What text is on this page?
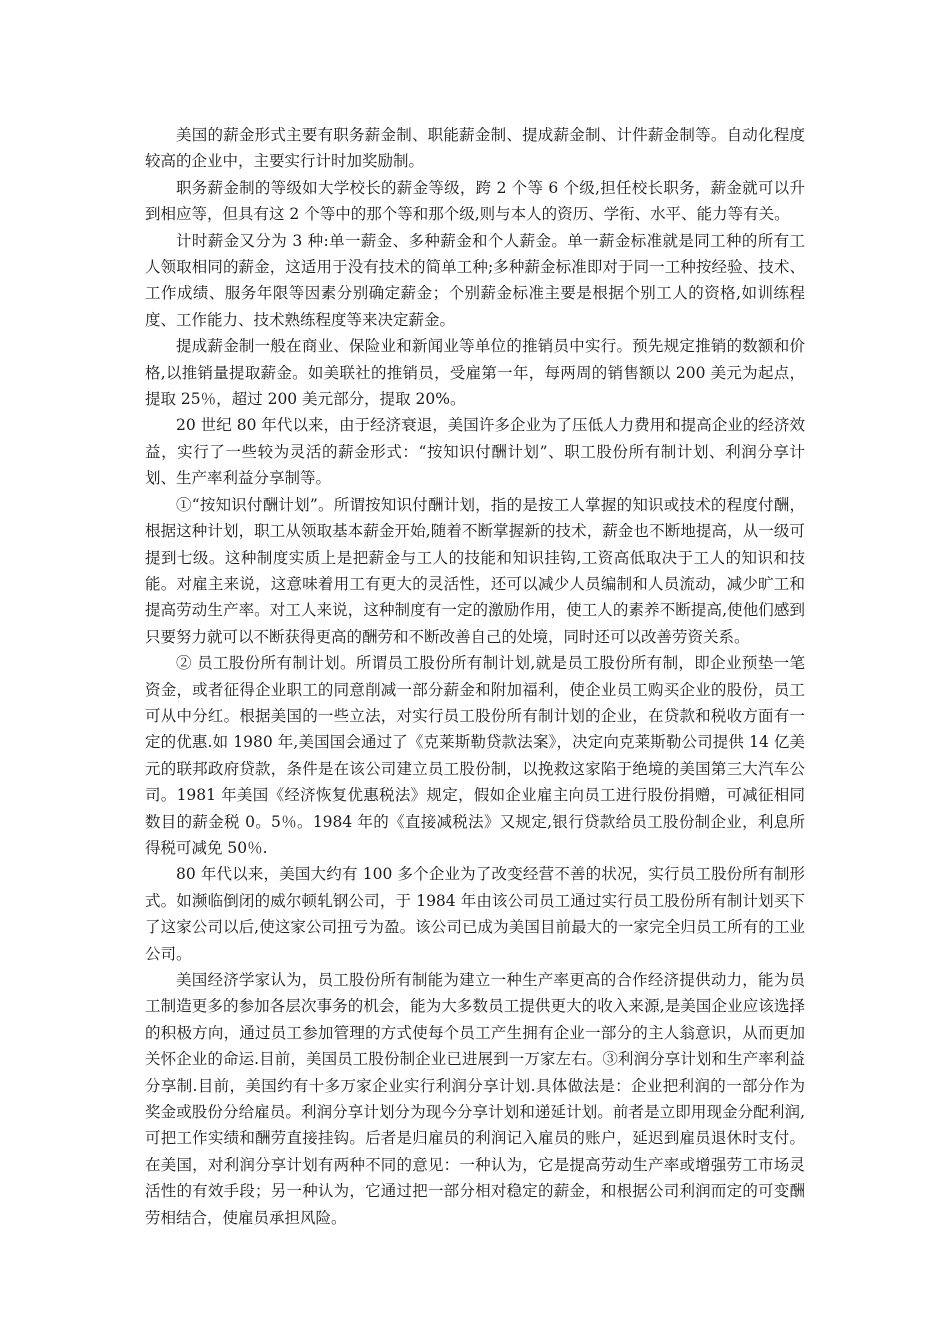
美国的薪金形式主要有职务薪金制、职能薪金制、提成薪金制、计件薪金制等。自动化程度较高的企业中，主要实行计时加奖励制。

职务薪金制的等级如大学校长的薪金等级，跨 2 个等 6 个级,担任校长职务，薪金就可以升到相应等，但具有这 2 个等中的那个等和那个级,则与本人的资历、学衔、水平、能力等有关。

计时薪金又分为 3 种:单一薪金、多种薪金和个人薪金。单一薪金标准就是同工种的所有工人领取相同的薪金，这适用于没有技术的简单工种;多种薪金标准即对于同一工种按经验、技术、工作成绩、服务年限等因素分别确定薪金；个别薪金标准主要是根据个别工人的资格,如训练程度、工作能力、技术熟练程度等来决定薪金。

提成薪金制一般在商业、保险业和新闻业等单位的推销员中实行。预先规定推销的数额和价格,以推销量提取薪金。如美联社的推销员，受雇第一年，每两周的销售额以 200 美元为起点，提取 25％，超过 200 美元部分，提取 20%。

20 世纪 80 年代以来，由于经济衰退，美国许多企业为了压低人力费用和提高企业的经济效益，实行了一些较为灵活的薪金形式：“按知识付酬计划”、职工股份所有制计划、利润分享计划、生产率利益分享制等。

①“按知识付酬计划”。所谓按知识付酬计划，指的是按工人掌握的知识或技术的程度付酬，根据这种计划，职工从领取基本薪金开始,随着不断掌握新的技术，薪金也不断地提高，从一级可提到七级。这种制度实质上是把薪金与工人的技能和知识挂钩,工资高低取决于工人的知识和技能。对雇主来说，这意味着用工有更大的灵活性，还可以减少人员编制和人员流动，减少旷工和提高劳动生产率。对工人来说，这种制度有一定的激励作用，使工人的素养不断提高,使他们感到只要努力就可以不断获得更高的酬劳和不断改善自己的处境，同时还可以改善劳资关系。

② 员工股份所有制计划。所谓员工股份所有制计划,就是员工股份所有制，即企业预垫一笔资金，或者征得企业职工的同意削减一部分薪金和附加福利，使企业员工购买企业的股份，员工可从中分红。根据美国的一些立法，对实行员工股份所有制计划的企业，在贷款和税收方面有一定的优惠.如 1980 年,美国国会通过了《克莱斯勒贷款法案》，决定向克莱斯勒公司提供 14 亿美元的联邦政府贷款，条件是在该公司建立员工股份制，以挽救这家陷于绝境的美国第三大汽车公司。1981 年美国《经济恢复优惠税法》规定，假如企业雇主向员工进行股份捐赠，可减征相同数目的薪金税 0。5％。1984 年的《直接减税法》又规定,银行贷款给员工股份制企业，利息所得税可减免 50％.

80 年代以来，美国大约有 100 多个企业为了改变经营不善的状况，实行员工股份所有制形式。如濒临倒闭的威尔顿轧钢公司，于 1984 年由该公司员工通过实行员工股份所有制计划买下了这家公司以后,使这家公司扭亏为盈。该公司已成为美国目前最大的一家完全归员工所有的工业公司。

美国经济学家认为，员工股份所有制能为建立一种生产率更高的合作经济提供动力，能为员工制造更多的参加各层次事务的机会，能为大多数员工提供更大的收入来源,是美国企业应该选择的积极方向，通过员工参加管理的方式使每个员工产生拥有企业一部分的主人翁意识，从而更加关怀企业的命运.目前，美国员工股份制企业已进展到一万家左右。③利润分享计划和生产率利益分享制.目前，美国约有十多万家企业实行利润分享计划.具体做法是：企业把利润的一部分作为奖金或股份分给雇员。利润分享计划分为现今分享计划和递延计划。前者是立即用现金分配利润,可把工作实绩和酬劳直接挂钩。后者是归雇员的利润记入雇员的账户，延迟到雇员退休时支付。在美国，对利润分享计划有两种不同的意见：一种认为，它是提高劳动生产率或增强劳工市场灵活性的有效手段；另一种认为，它通过把一部分相对稳定的薪金，和根据公司利润而定的可变酬劳相结合，使雇员承担风险。
